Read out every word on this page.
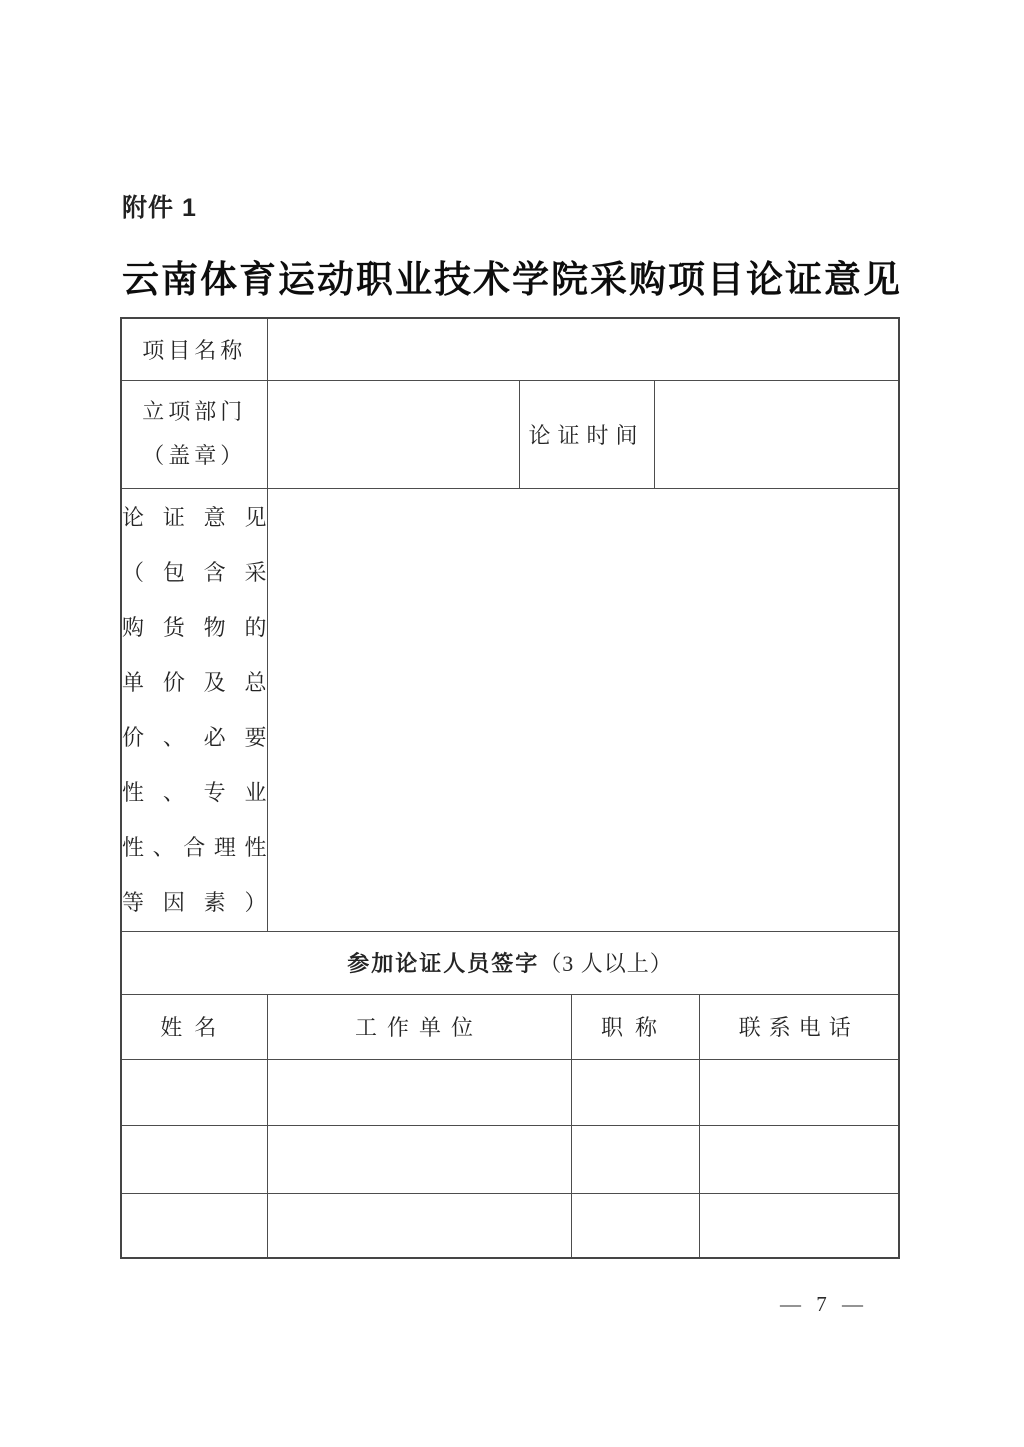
附件 1
云南体育运动职业技术学院采购项目论证意见
项目名称					

立项部门
（盖章）		论证时间			

论证意见
（包含采
购货物的
单价及总
价、必要
性、专业
性、合理性
等因素）

参加论证人员签字（3 人以上）					
姓名	工作单位		职称		联系电话

— 7 —
